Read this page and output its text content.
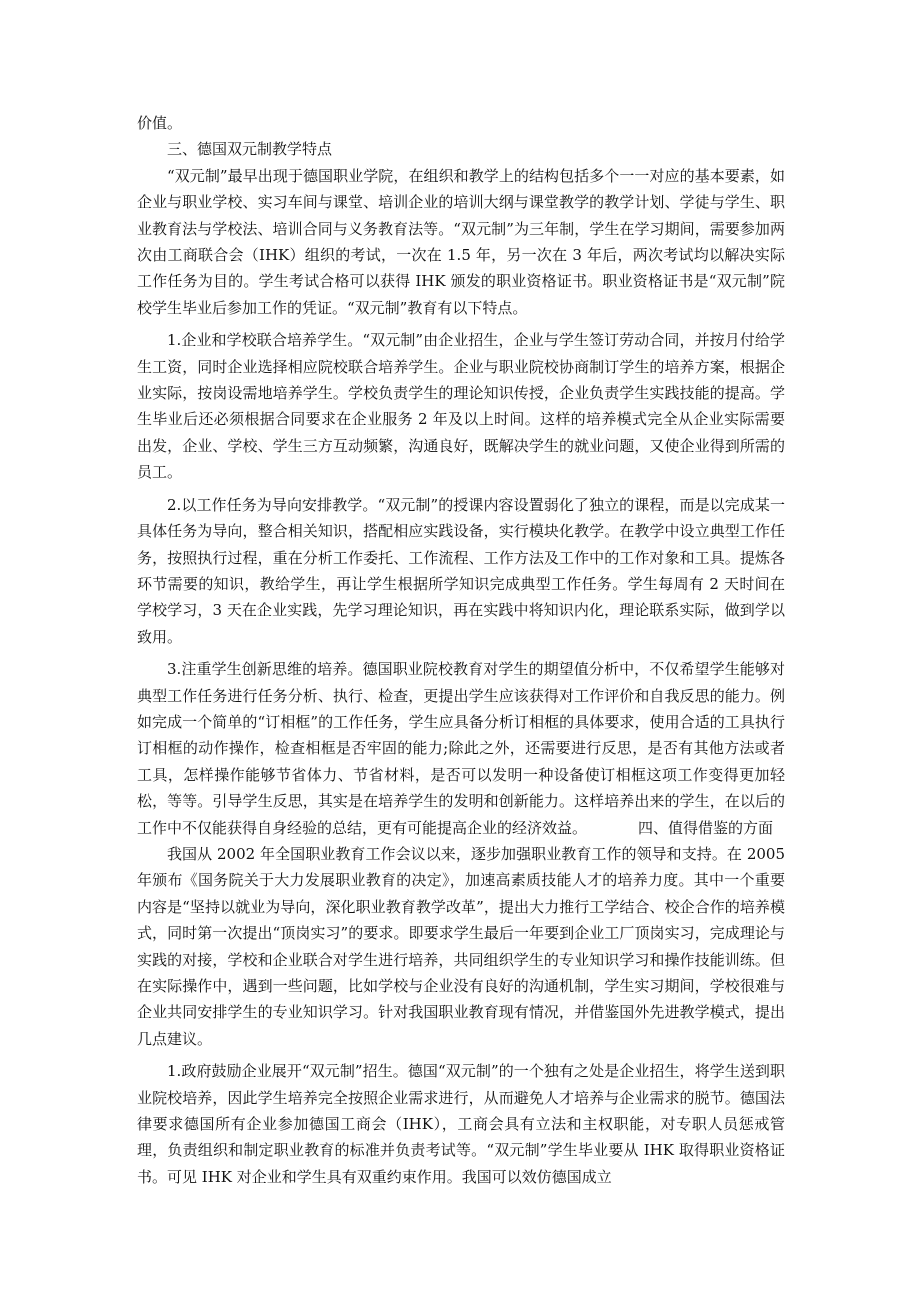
价值。

三、德国双元制教学特点

“双元制”最早出现于德国职业学院，在组织和教学上的结构包括多个一一对应的基本要素，如企业与职业学校、实习车间与课堂、培训企业的培训大纲与课堂教学的教学计划、学徒与学生、职业教育法与学校法、培训合同与义务教育法等。“双元制”为三年制，学生在学习期间，需要参加两次由工商联合会（IHK）组织的考试，一次在 1.5 年，另一次在 3 年后，两次考试均以解决实际工作任务为目的。学生考试合格可以获得 IHK 颁发的职业资格证书。职业资格证书是“双元制”院校学生毕业后参加工作的凭证。“双元制”教育有以下特点。

1.企业和学校联合培养学生。“双元制”由企业招生，企业与学生签订劳动合同，并按月付给学生工资，同时企业选择相应院校联合培养学生。企业与职业院校协商制订学生的培养方案，根据企业实际，按岗设需地培养学生。学校负责学生的理论知识传授，企业负责学生实践技能的提高。学生毕业后还必须根据合同要求在企业服务 2 年及以上时间。这样的培养模式完全从企业实际需要出发，企业、学校、学生三方互动频繁，沟通良好，既解决学生的就业问题，又使企业得到所需的员工。

2.以工作任务为导向安排教学。“双元制”的授课内容设置弱化了独立的课程，而是以完成某一具体任务为导向，整合相关知识，搭配相应实践设备，实行模块化教学。在教学中设立典型工作任务，按照执行过程，重在分析工作委托、工作流程、工作方法及工作中的工作对象和工具。提炼各环节需要的知识，教给学生，再让学生根据所学知识完成典型工作任务。学生每周有 2 天时间在学校学习，3 天在企业实践，先学习理论知识，再在实践中将知识内化，理论联系实际，做到学以致用。

3.注重学生创新思维的培养。德国职业院校教育对学生的期望值分析中，不仅希望学生能够对典型工作任务进行任务分析、执行、检查，更提出学生应该获得对工作评价和自我反思的能力。例如完成一个简单的“订相框”的工作任务，学生应具备分析订相框的具体要求，使用合适的工具执行订相框的动作操作，检查相框是否牢固的能力;除此之外，还需要进行反思，是否有其他方法或者工具，怎样操作能够节省体力、节省材料，是否可以发明一种设备使订相框这项工作变得更加轻松，等等。引导学生反思，其实是在培养学生的发明和创新能力。这样培养出来的学生，在以后的工作中不仅能获得自身经验的总结，更有可能提高企业的经济效益。	四、值得借鉴的方面

我国从 2002 年全国职业教育工作会议以来，逐步加强职业教育工作的领导和支持。在 2005 年颁布《国务院关于大力发展职业教育的决定》，加速高素质技能人才的培养力度。其中一个重要内容是“坚持以就业为导向，深化职业教育教学改革”，提出大力推行工学结合、校企合作的培养模式，同时第一次提出“顶岗实习”的要求。即要求学生最后一年要到企业工厂顶岗实习，完成理论与实践的对接，学校和企业联合对学生进行培养，共同组织学生的专业知识学习和操作技能训练。但在实际操作中，遇到一些问题，比如学校与企业没有良好的沟通机制，学生实习期间，学校很难与企业共同安排学生的专业知识学习。针对我国职业教育现有情况，并借鉴国外先进教学模式，提出几点建议。

1.政府鼓励企业展开“双元制”招生。德国“双元制”的一个独有之处是企业招生，将学生送到职业院校培养，因此学生培养完全按照企业需求进行，从而避免人才培养与企业需求的脱节。德国法律要求德国所有企业参加德国工商会（IHK），工商会具有立法和主权职能，对专职人员惩戒管理，负责组织和制定职业教育的标准并负责考试等。“双元制”学生毕业要从 IHK 取得职业资格证书。可见 IHK 对企业和学生具有双重约束作用。我国可以效仿德国成立
